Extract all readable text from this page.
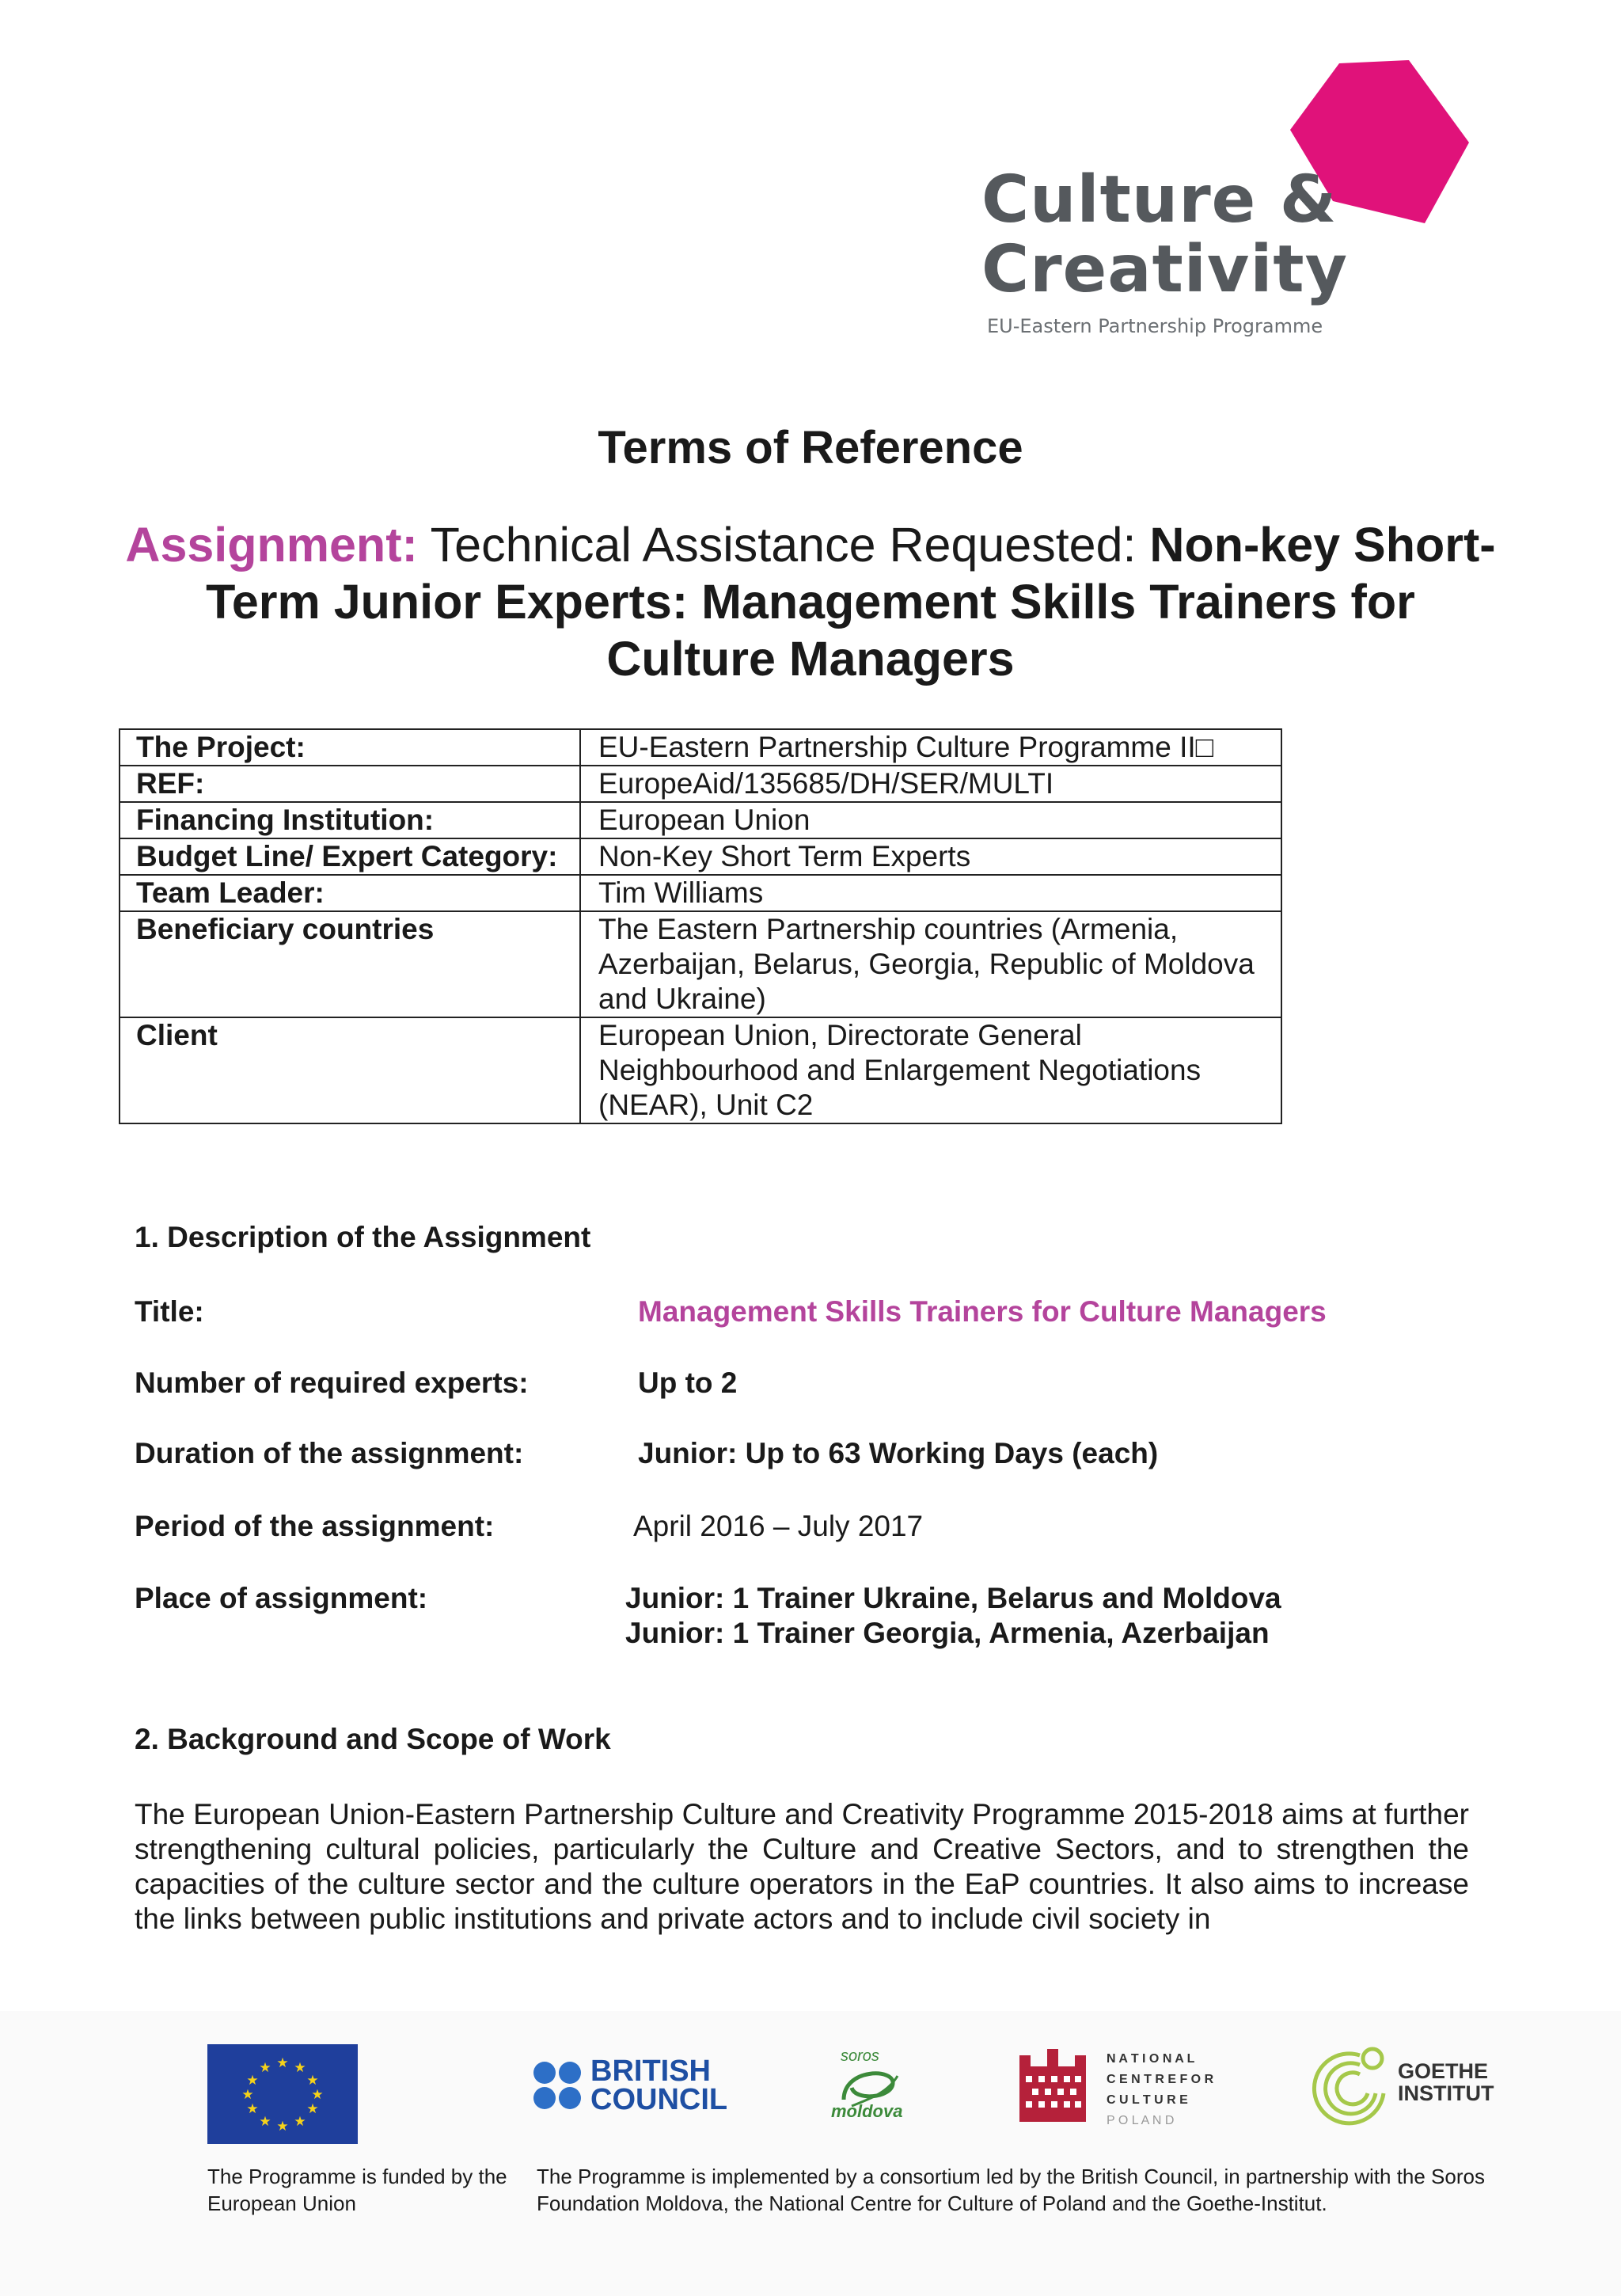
Culture &
Creativity
EU-Eastern Partnership Programme
Terms of Reference
Assignment: Technical Assistance Requested: Non-key Short-Term Junior Experts: Management Skills Trainers for Culture Managers
The Project:	EU-Eastern Partnership Culture Programme II□
REF:	EuropeAid/135685/DH/SER/MULTI
Financing Institution:	European Union
Budget Line/ Expert Category:	Non-Key Short Term Experts
Team Leader:	Tim Williams
Beneficiary countries	The Eastern Partnership countries (Armenia, Azerbaijan, Belarus, Georgia, Republic of Moldova and Ukraine)
Client	European Union, Directorate General Neighbourhood and Enlargement Negotiations (NEAR), Unit C2
1. Description of the Assignment
Title:	Management Skills Trainers for Culture Managers
Number of required experts:	Up to 2
Duration of the assignment:	Junior: Up to 63 Working Days (each)
Period of the assignment:	April 2016 – July 2017
Place of assignment:	Junior: 1 Trainer Ukraine, Belarus and Moldova
Junior: 1 Trainer Georgia, Armenia, Azerbaijan
2. Background and Scope of Work
The European Union-Eastern Partnership Culture and Creativity Programme 2015-2018 aims at further strengthening cultural policies, particularly the Culture and Creative Sectors, and to strengthen the capacities of the culture sector and the culture operators in the EaP countries. It also aims to increase the links between public institutions and private actors and to include civil society in
★ ★
★
★
★
★
★
★
★
★
★
★	BRITISH
COUNCIL
soros
moldova
N A T I O N A L
C E N T R E F O R
C U L T U R E
P O L A N D
GOETHE
INSTITUT
The Programme is funded by the European Union
The Programme is implemented by a consortium led by the British Council, in partnership with the Soros Foundation Moldova, the National Centre for Culture of Poland and the Goethe-Institut.
